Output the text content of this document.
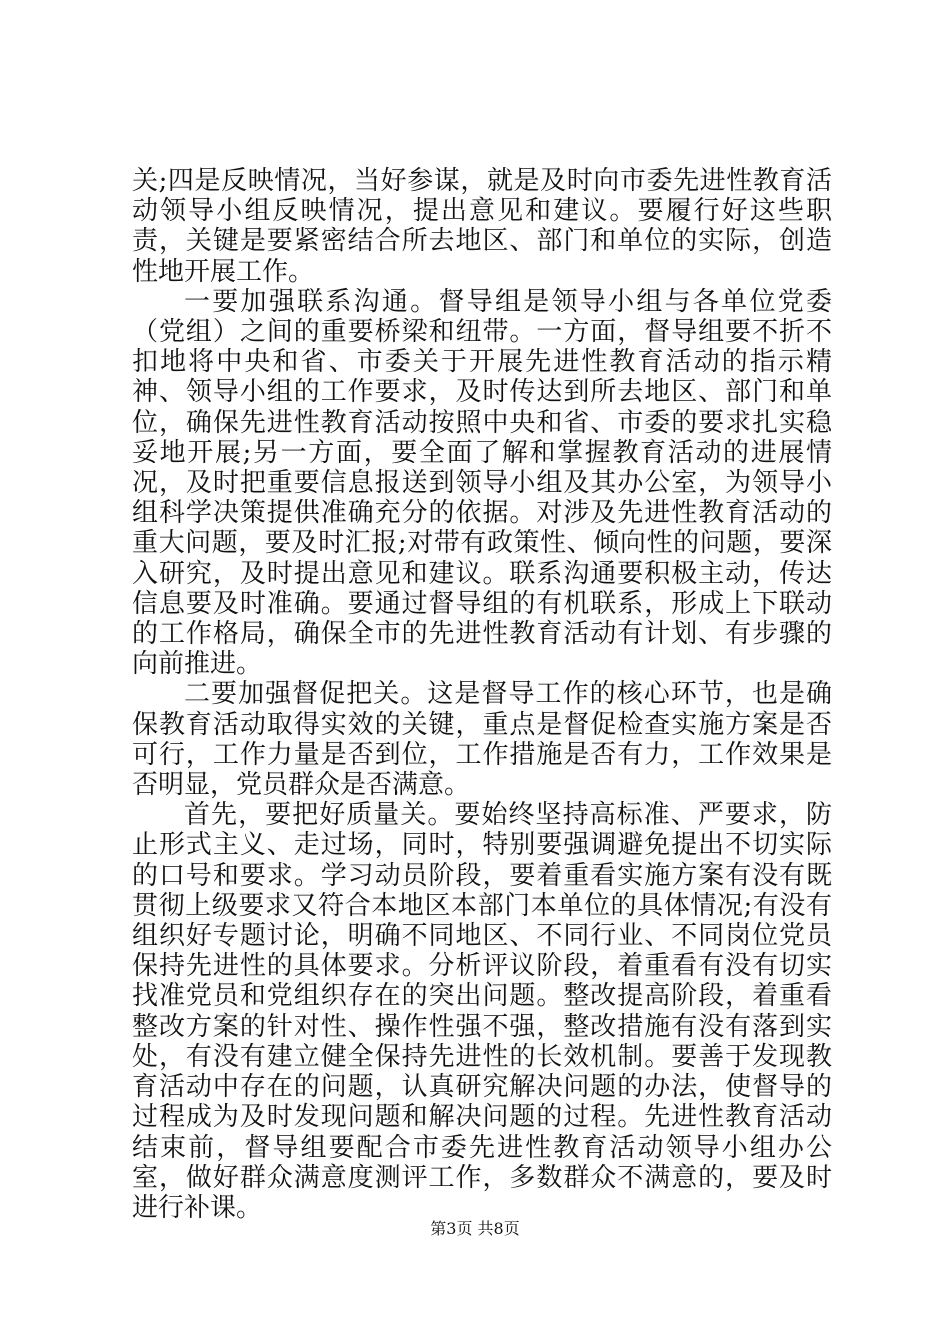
关;四是反映情况，当好参谋，就是及时向市委先进性教育活动领导小组反映情况，提出意见和建议。要履行好这些职责，关键是要紧密结合所去地区、部门和单位的实际，创造性地开展工作。

一要加强联系沟通。督导组是领导小组与各单位党委（党组）之间的重要桥梁和纽带。一方面，督导组要不折不扣地将中央和省、市委关于开展先进性教育活动的指示精神、领导小组的工作要求，及时传达到所去地区、部门和单位，确保先进性教育活动按照中央和省、市委的要求扎实稳妥地开展;另一方面，要全面了解和掌握教育活动的进展情况，及时把重要信息报送到领导小组及其办公室，为领导小组科学决策提供准确充分的依据。对涉及先进性教育活动的重大问题，要及时汇报;对带有政策性、倾向性的问题，要深入研究，及时提出意见和建议。联系沟通要积极主动，传达信息要及时准确。要通过督导组的有机联系，形成上下联动的工作格局，确保全市的先进性教育活动有计划、有步骤的向前推进。

二要加强督促把关。这是督导工作的核心环节，也是确保教育活动取得实效的关键，重点是督促检查实施方案是否可行，工作力量是否到位，工作措施是否有力，工作效果是否明显，党员群众是否满意。

首先，要把好质量关。要始终坚持高标准、严要求，防止形式主义、走过场，同时，特别要强调避免提出不切实际的口号和要求。学习动员阶段，要着重看实施方案有没有既贯彻上级要求又符合本地区本部门本单位的具体情况;有没有组织好专题讨论，明确不同地区、不同行业、不同岗位党员保持先进性的具体要求。分析评议阶段，着重看有没有切实找准党员和党组织存在的突出问题。整改提高阶段，着重看整改方案的针对性、操作性强不强，整改措施有没有落到实处，有没有建立健全保持先进性的长效机制。要善于发现教育活动中存在的问题，认真研究解决问题的办法，使督导的过程成为及时发现问题和解决问题的过程。先进性教育活动结束前，督导组要配合市委先进性教育活动领导小组办公室，做好群众满意度测评工作，多数群众不满意的，要及时进行补课。

第3页 共8页
